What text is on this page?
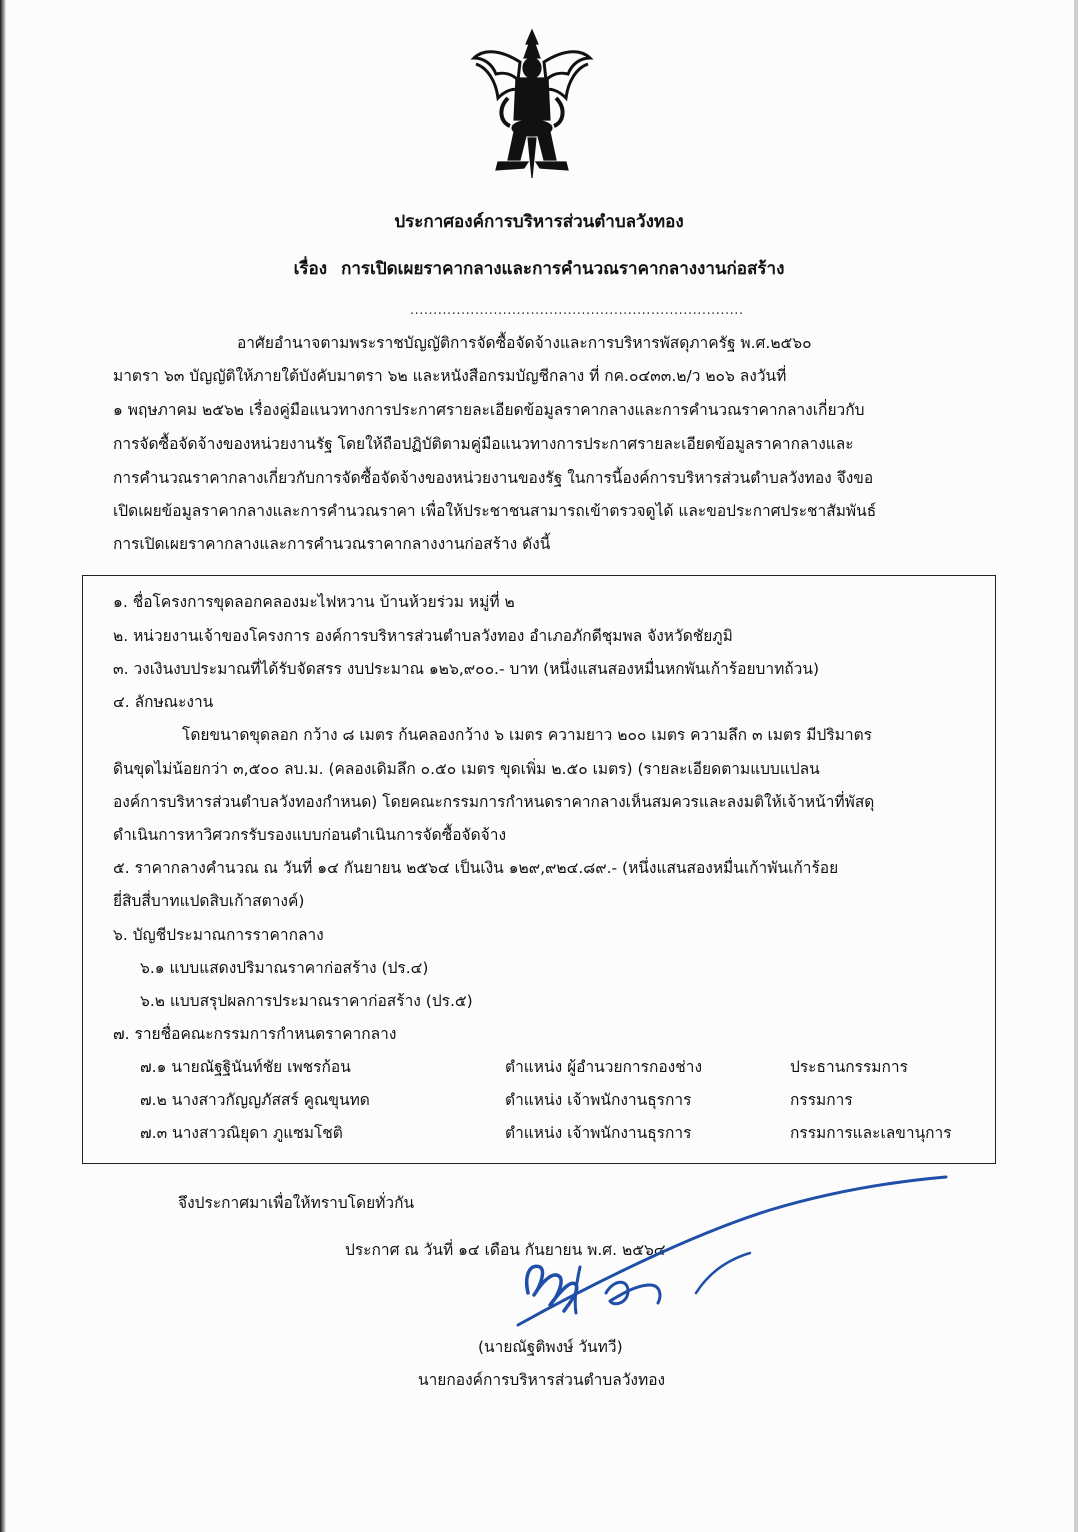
ประกาศองค์การบริหารส่วนตำบลวังทอง
เรื่อง การเปิดเผยราคากลางและการคำนวณราคากลางงานก่อสร้าง
........................................................................
อาศัยอำนาจตามพระราชบัญญัติการจัดซื้อจัดจ้างและการบริหารพัสดุภาครัฐ พ.ศ.๒๕๖๐
มาตรา ๖๓ บัญญัติให้ภายใต้บังคับมาตรา ๖๒ และหนังสือกรมบัญชีกลาง ที่ กค.๐๔๓๓.๒/ว ๒๐๖ ลงวันที่
๑ พฤษภาคม ๒๕๖๒ เรื่องคู่มือแนวทางการประกาศรายละเอียดข้อมูลราคากลางและการคำนวณราคากลางเกี่ยวกับ
การจัดซื้อจัดจ้างของหน่วยงานรัฐ โดยให้ถือปฏิบัติตามคู่มือแนวทางการประกาศรายละเอียดข้อมูลราคากลางและ
การคำนวณราคากลางเกี่ยวกับการจัดซื้อจัดจ้างของหน่วยงานของรัฐ ในการนี้องค์การบริหารส่วนตำบลวังทอง จึงขอ
เปิดเผยข้อมูลราคากลางและการคำนวณราคา เพื่อให้ประชาชนสามารถเข้าตรวจดูได้ และขอประกาศประชาสัมพันธ์
การเปิดเผยราคากลางและการคำนวณราคากลางงานก่อสร้าง ดังนี้
๑. ชื่อโครงการขุดลอกคลองมะไฟหวาน บ้านห้วยร่วม หมู่ที่ ๒
๒. หน่วยงานเจ้าของโครงการ องค์การบริหารส่วนตำบลวังทอง อำเภอภักดีชุมพล จังหวัดชัยภูมิ
๓. วงเงินงบประมาณที่ได้รับจัดสรร งบประมาณ ๑๒๖,๙๐๐.- บาท (หนึ่งแสนสองหมื่นหกพันเก้าร้อยบาทถ้วน)
๔. ลักษณะงาน
โดยขนาดขุดลอก กว้าง ๘ เมตร ก้นคลองกว้าง ๖ เมตร ความยาว ๒๐๐ เมตร ความลึก ๓ เมตร มีปริมาตร
ดินขุดไม่น้อยกว่า ๓,๕๐๐ ลบ.ม. (คลองเดิมลึก ๐.๕๐ เมตร ขุดเพิ่ม ๒.๕๐ เมตร) (รายละเอียดตามแบบแปลน
องค์การบริหารส่วนตำบลวังทองกำหนด) โดยคณะกรรมการกำหนดราคากลางเห็นสมควรและลงมติให้เจ้าหน้าที่พัสดุ
ดำเนินการหาวิศวกรรับรองแบบก่อนดำเนินการจัดซื้อจัดจ้าง
๕. ราคากลางคำนวณ ณ วันที่ ๑๔ กันยายน ๒๕๖๔ เป็นเงิน ๑๒๙,๙๒๔.๘๙.- (หนึ่งแสนสองหมื่นเก้าพันเก้าร้อย
ยี่สิบสี่บาทแปดสิบเก้าสตางค์)
๖. บัญชีประมาณการราคากลาง
๖.๑ แบบแสดงปริมาณราคาก่อสร้าง (ปร.๔)
๖.๒ แบบสรุปผลการประมาณราคาก่อสร้าง (ปร.๕)
๗. รายชื่อคณะกรรมการกำหนดราคากลาง
๗.๑ นายณัฐฐินันท์ชัย เพชรก้อน	ตำแหน่ง ผู้อำนวยการกองช่าง	ประธานกรรมการ
๗.๒ นางสาวกัญญภัสสร์ คูณขุนทด	ตำแหน่ง เจ้าพนักงานธุรการ	กรรมการ
๗.๓ นางสาวณิยุดา ภูแซมโชติ	ตำแหน่ง เจ้าพนักงานธุรการ	กรรมการและเลขานุการ
จึงประกาศมาเพื่อให้ทราบโดยทั่วกัน
ประกาศ ณ วันที่ ๑๔ เดือน กันยายน พ.ศ. ๒๕๖๔
(นายณัฐติพงษ์ วันทวี)
นายกองค์การบริหารส่วนตำบลวังทอง
